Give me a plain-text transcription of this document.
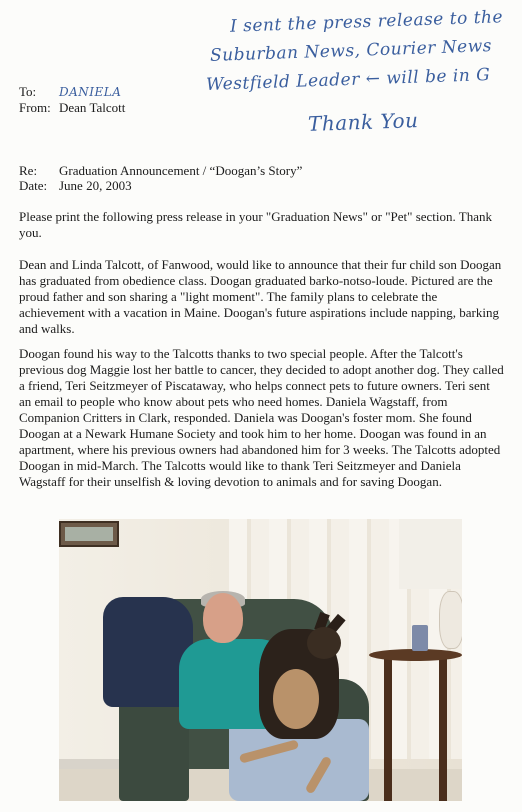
I sent the press release to the
Suburban News, Courier News
Westfield Leader ← will be in G
Thank You
To: DANIELA
From: Dean Talcott
Re: Graduation Announcement / “Doogan’s Story”
Date: June 20, 2003

Please print the following press release in your "Graduation News" or "Pet" section. Thank you.

Dean and Linda Talcott, of Fanwood, would like to announce that their fur child son Doogan has graduated from obedience class. Doogan graduated barko-notso-loude. Pictured are the proud father and son sharing a "light moment". The family plans to celebrate the achievement with a vacation in Maine. Doogan's future aspirations include napping, barking and walks.

Doogan found his way to the Talcotts thanks to two special people. After the Talcott's previous dog Maggie lost her battle to cancer, they decided to adopt another dog. They called a friend, Teri Seitzmeyer of Piscataway, who helps connect pets to future owners. Teri sent an email to people who know about pets who need homes. Daniela Wagstaff, from Companion Critters in Clark, responded. Daniela was Doogan's foster mom. She found Doogan at a Newark Humane Society and took him to her home. Doogan was found in an apartment, where his previous owners had abandoned him for 3 weeks. The Talcotts adopted Doogan in mid-March. The Talcotts would like to thank Teri Seitzmeyer and Daniela Wagstaff for their unselfish & loving devotion to animals and for saving Doogan.
